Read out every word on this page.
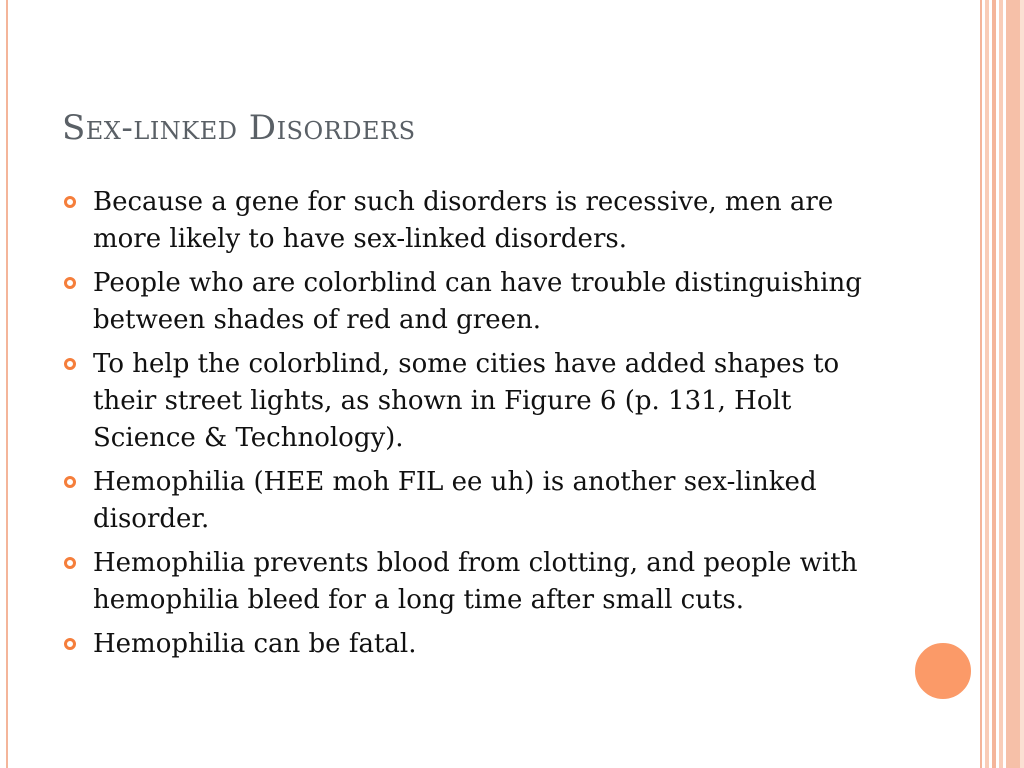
Sex-linked Disorders
Because a gene for such disorders is recessive, men are more likely to have sex-linked disorders.
People who are colorblind can have trouble distinguishing between shades of red and green.
To help the colorblind, some cities have added shapes to their street lights, as shown in Figure 6 (p. 131, Holt Science & Technology).
Hemophilia (HEE moh FIL ee uh) is another sex-linked disorder.
Hemophilia prevents blood from clotting, and people with hemophilia bleed for a long time after small cuts.
Hemophilia can be fatal.
